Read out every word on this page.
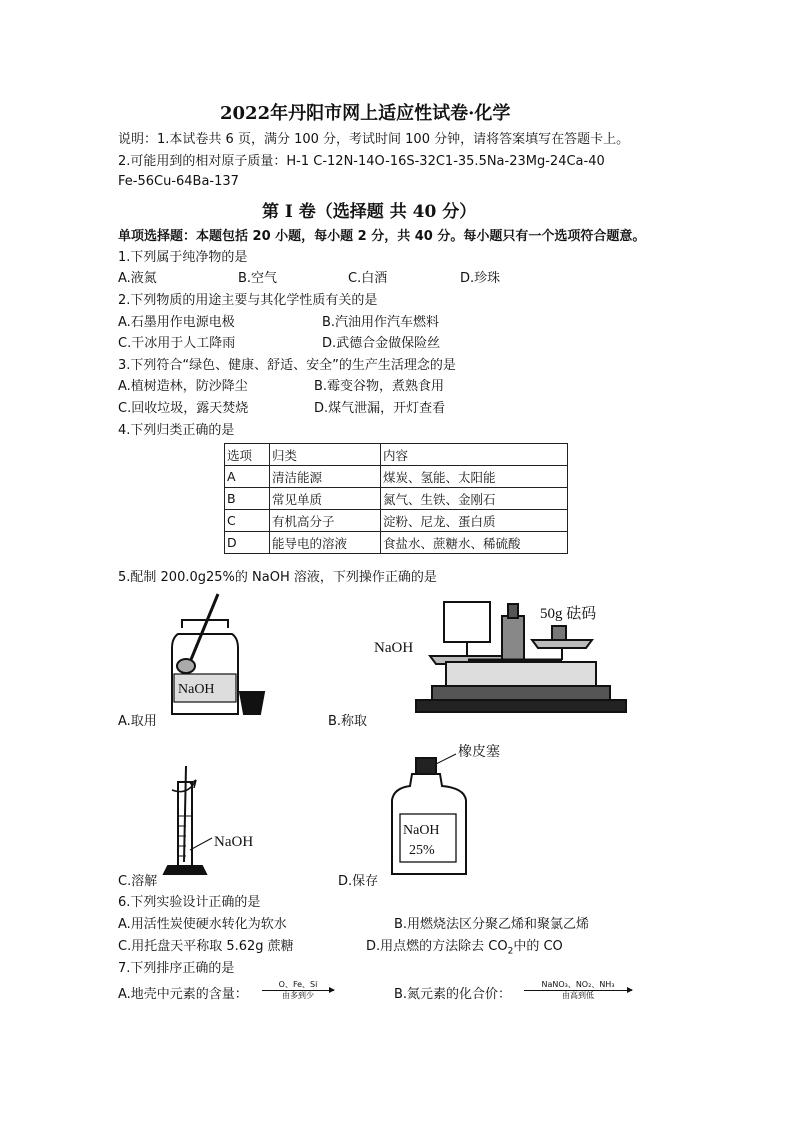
2022年丹阳市网上适应性试卷·化学
说明：1.本试卷共 6 页，满分 100 分，考试时间 100 分钟，请将答案填写在答题卡上。
2.可能用到的相对原子质量：H-1 C-12N-14O-16S-32C1-35.5Na-23Mg-24Ca-40
Fe-56Cu-64Ba-137
第 I 卷（选择题 共 40 分）
单项选择题：本题包括 20 小题，每小题 2 分，共 40 分。每小题只有一个选项符合题意。
1.下列属于纯净物的是
A.液氮	B.空气	C.白酒	D.珍珠
2.下列物质的用途主要与其化学性质有关的是
A.石墨用作电源电极	B.汽油用作汽车燃料
C.干冰用于人工降雨	D.武德合金做保险丝
3.下列符合“绿色、健康、舒适、安全”的生产生活理念的是
A.植树造林，防沙降尘	B.霉变谷物，煮熟食用
C.回收垃圾，露天焚烧	D.煤气泄漏，开灯查看
4.下列归类正确的是
选项	归类	内容
A	清洁能源	煤炭、氢能、太阳能
B	常见单质	氮气、生铁、金刚石
C	有机高分子	淀粉、尼龙、蛋白质
D	能导电的溶液	食盐水、蔗糖水、稀硫酸
5.配制 200.0g25%的 NaOH 溶液，下列操作正确的是
NaOH
A.取用
NaOH
50g 砝码
B.称取
NaOH
C.溶解
橡皮塞
NaOH
25%
D.保存
6.下列实验设计正确的是
A.用活性炭使硬水转化为软水	B.用燃烧法区分聚乙烯和聚氯乙烯
C.用托盘天平称取 5.62g 蔗糖	D.用点燃的方法除去 $CO_2$中的 CO
7.下列排序正确的是
A.地壳中元素的含量：
O、Fe、Si
由多到少	B.氮元素的化合价：
NaNO₃、NO₂、NH₃
由高到低
